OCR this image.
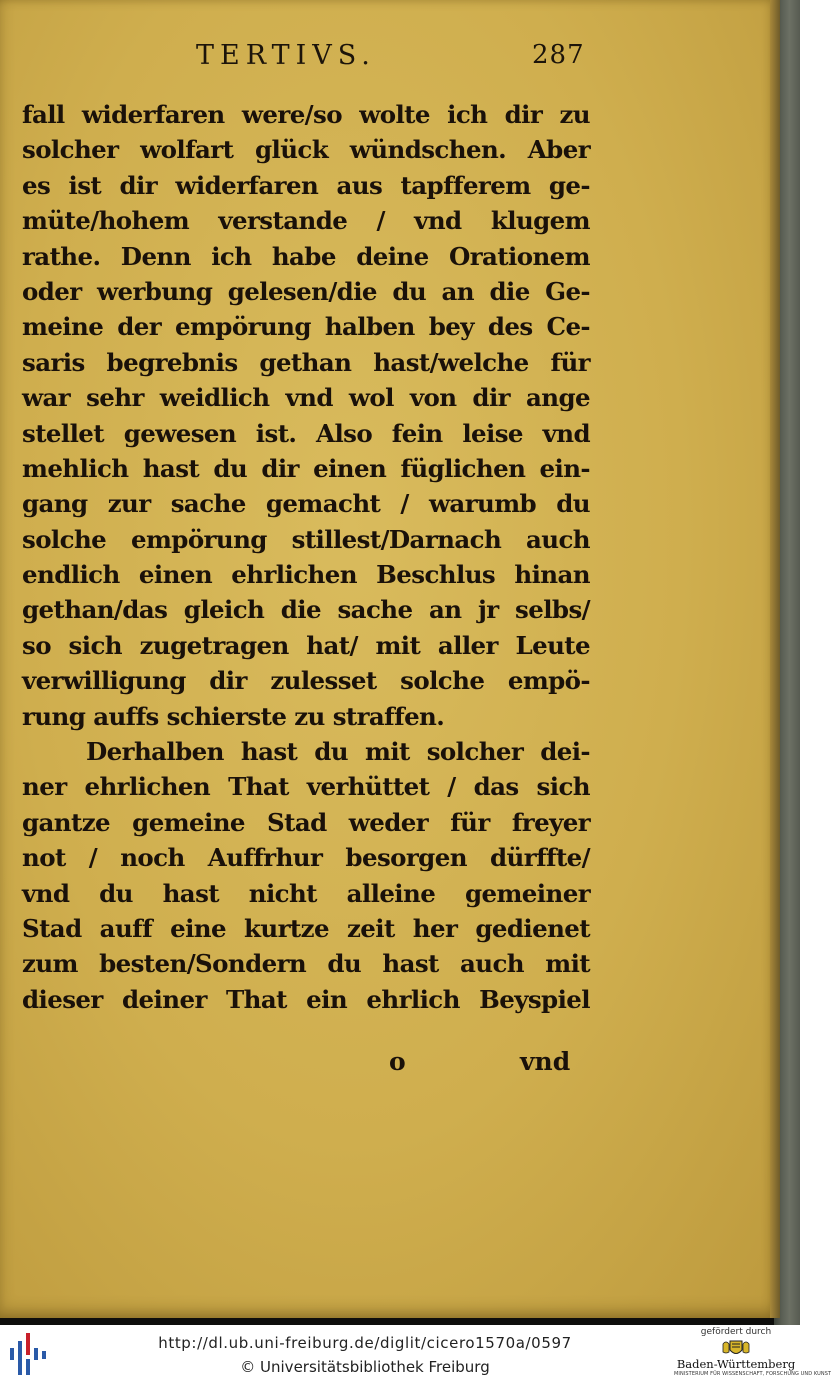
TERTIVS.	287
fall widerfaren were/so wolte ich dir zu
solcher wolfart glück wündschen. Aber
es ist dir widerfaren aus tapfferem ge-
müte/hohem verstande / vnd klugem
rathe. Denn ich habe deine Orationem
oder werbung gelesen/die du an die Ge-
meine der empörung halben bey des Ce-
saris begrebnis gethan hast/welche für
war sehr weidlich vnd wol von dir ange
stellet gewesen ist. Also fein leise vnd
mehlich hast du dir einen füglichen ein-
gang zur sache gemacht / warumb du
solche empörung stillest/Darnach auch
endlich einen ehrlichen Beschlus hinan
gethan/das gleich die sache an jr selbs/
so sich zugetragen hat/ mit aller Leute
verwilligung dir zulesset solche empö-
rung auffs schierste zu straffen.
Derhalben hast du mit solcher dei-
ner ehrlichen That verhüttet / das sich
gantze gemeine Stad weder für freyer
not / noch Auffrhur besorgen dürffte/
vnd du hast nicht alleine gemeiner
Stad auff eine kurtze zeit her gedienet
zum besten/Sondern du hast auch mit
dieser deiner That ein ehrlich Beyspiel
o	vnd
http://dl.ub.uni-freiburg.de/diglit/cicero1570a/0597
© Universitätsbibliothek Freiburg
gefördert durch
Baden-Württemberg
MINISTERIUM FÜR WISSENSCHAFT, FORSCHUNG UND KUNST
